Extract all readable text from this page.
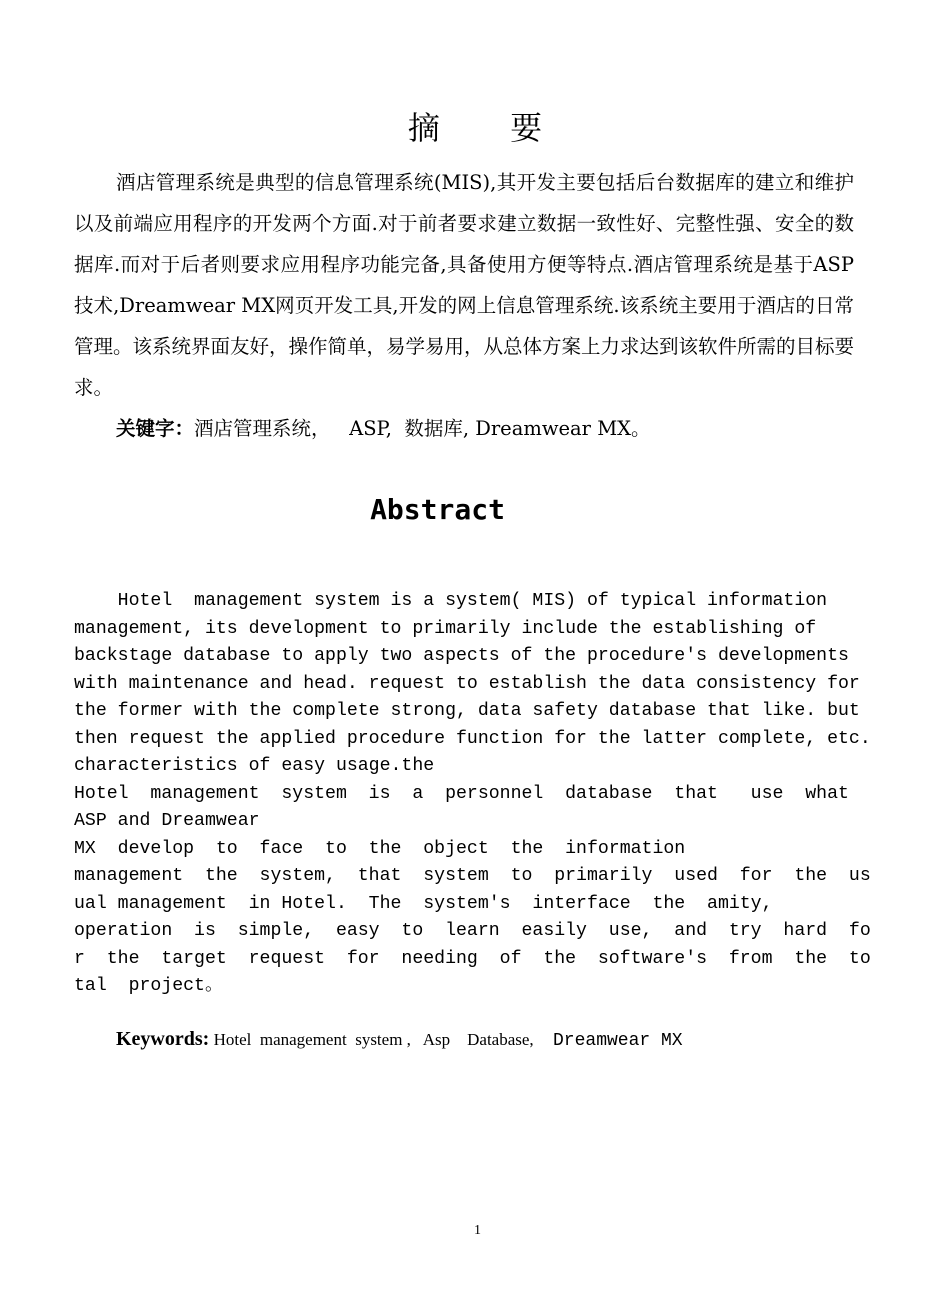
摘 要

酒店管理系统是典型的信息管理系统(MIS),其开发主要包括后台数据库的建立和维护以及前端应用程序的开发两个方面.对于前者要求建立数据一致性好、完整性强、安全的数据库.而对于后者则要求应用程序功能完备,具备使用方便等特点.酒店管理系统是基于ASP技术,Dreamwear MX网页开发工具,开发的网上信息管理系统.该系统主要用于酒店的日常管理。该系统界面友好，操作简单，易学易用，从总体方案上力求达到该软件所需的目标要求。

关键字：酒店管理系统，   ASP,  数据库, Dreamwear MX。
Abstract
Hotel  management system is a system( MIS) of typical information
management, its development to primarily include the establishing of
backstage database to apply two aspects of the procedure's developments
with maintenance and head. request to establish the data consistency for
the former with the complete strong, data safety database that like. but
then request the applied procedure function for the latter complete, etc.
characteristics of easy usage.the
Hotel  management  system  is  a  personnel  database  that   use  what
ASP and Dreamwear
MX  develop  to  face  to  the  object  the  information
management  the  system,  that  system  to  primarily  used  for  the  us
ual management  in Hotel.  The  system's  interface  the  amity,
operation  is  simple,  easy  to  learn  easily  use,  and  try  hard  fo
r  the  target  request  for  needing  of  the  software's  from  the  to
tal  project。
Keywords: Hotel  management  system ,   Asp    Database,   Dreamwear MX
1
